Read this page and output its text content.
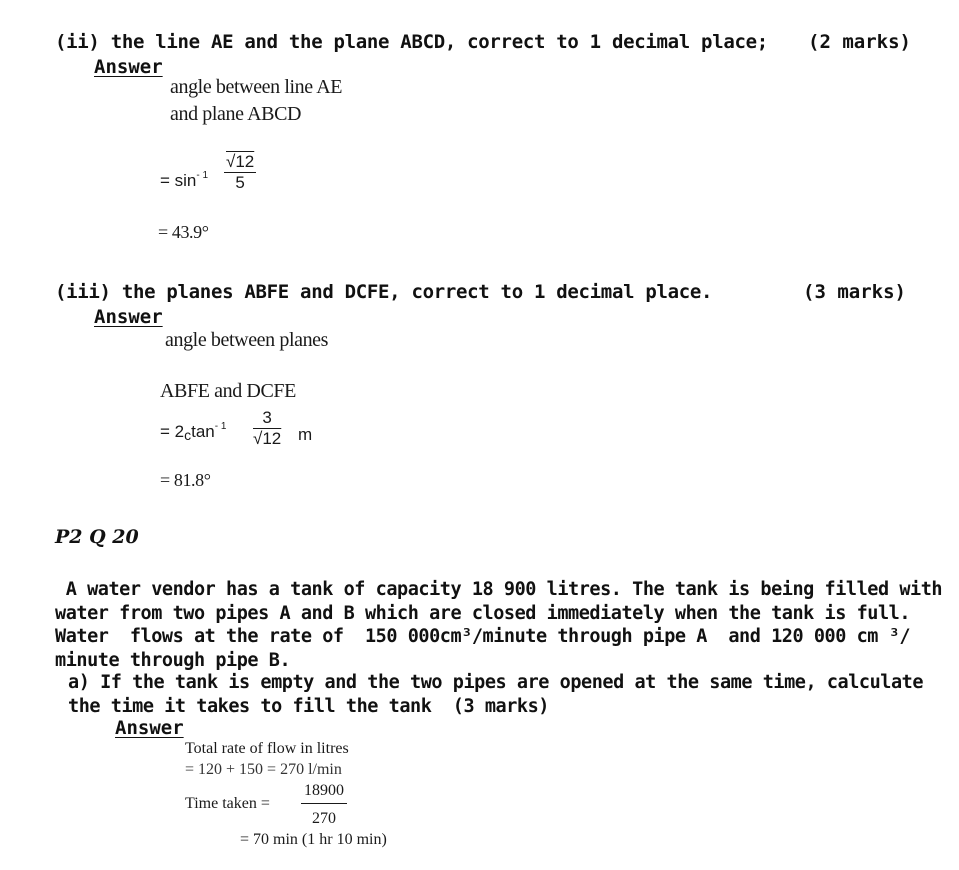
(ii) the line AE and the plane ABCD, correct to 1 decimal place; (2 marks)
Answer
angle between line AE
and plane ABCD
= $\sin^{- 1} \frac{√12}{5}$
= 43.9°
(iii) the planes ABFE and DCFE, correct to 1 decimal place.	(3 marks)
Answer
angle between planes
ABFE and DCFE
= $2ctan^{- 1} \frac{3}{√12}$ m
= 81.8°
P2 Q 20
A water vendor has a tank of capacity 18 900 litres. The tank is being filled with
water from two pipes A and B which are closed immediately when the tank is full.
Water  flows at the rate of  150 000cm³/minute through pipe A  and 120 000 cm ³/
minute through pipe B.
a) If the tank is empty and the two pipes are opened at the same time, calculate
the time it takes to fill the tank  (3 marks)
Answer
Total rate of flow in litres
= 120 + 150 = 270 l/min
Time taken = $\frac{18900}{270}$
= 70 min (1 hr 10 min)
